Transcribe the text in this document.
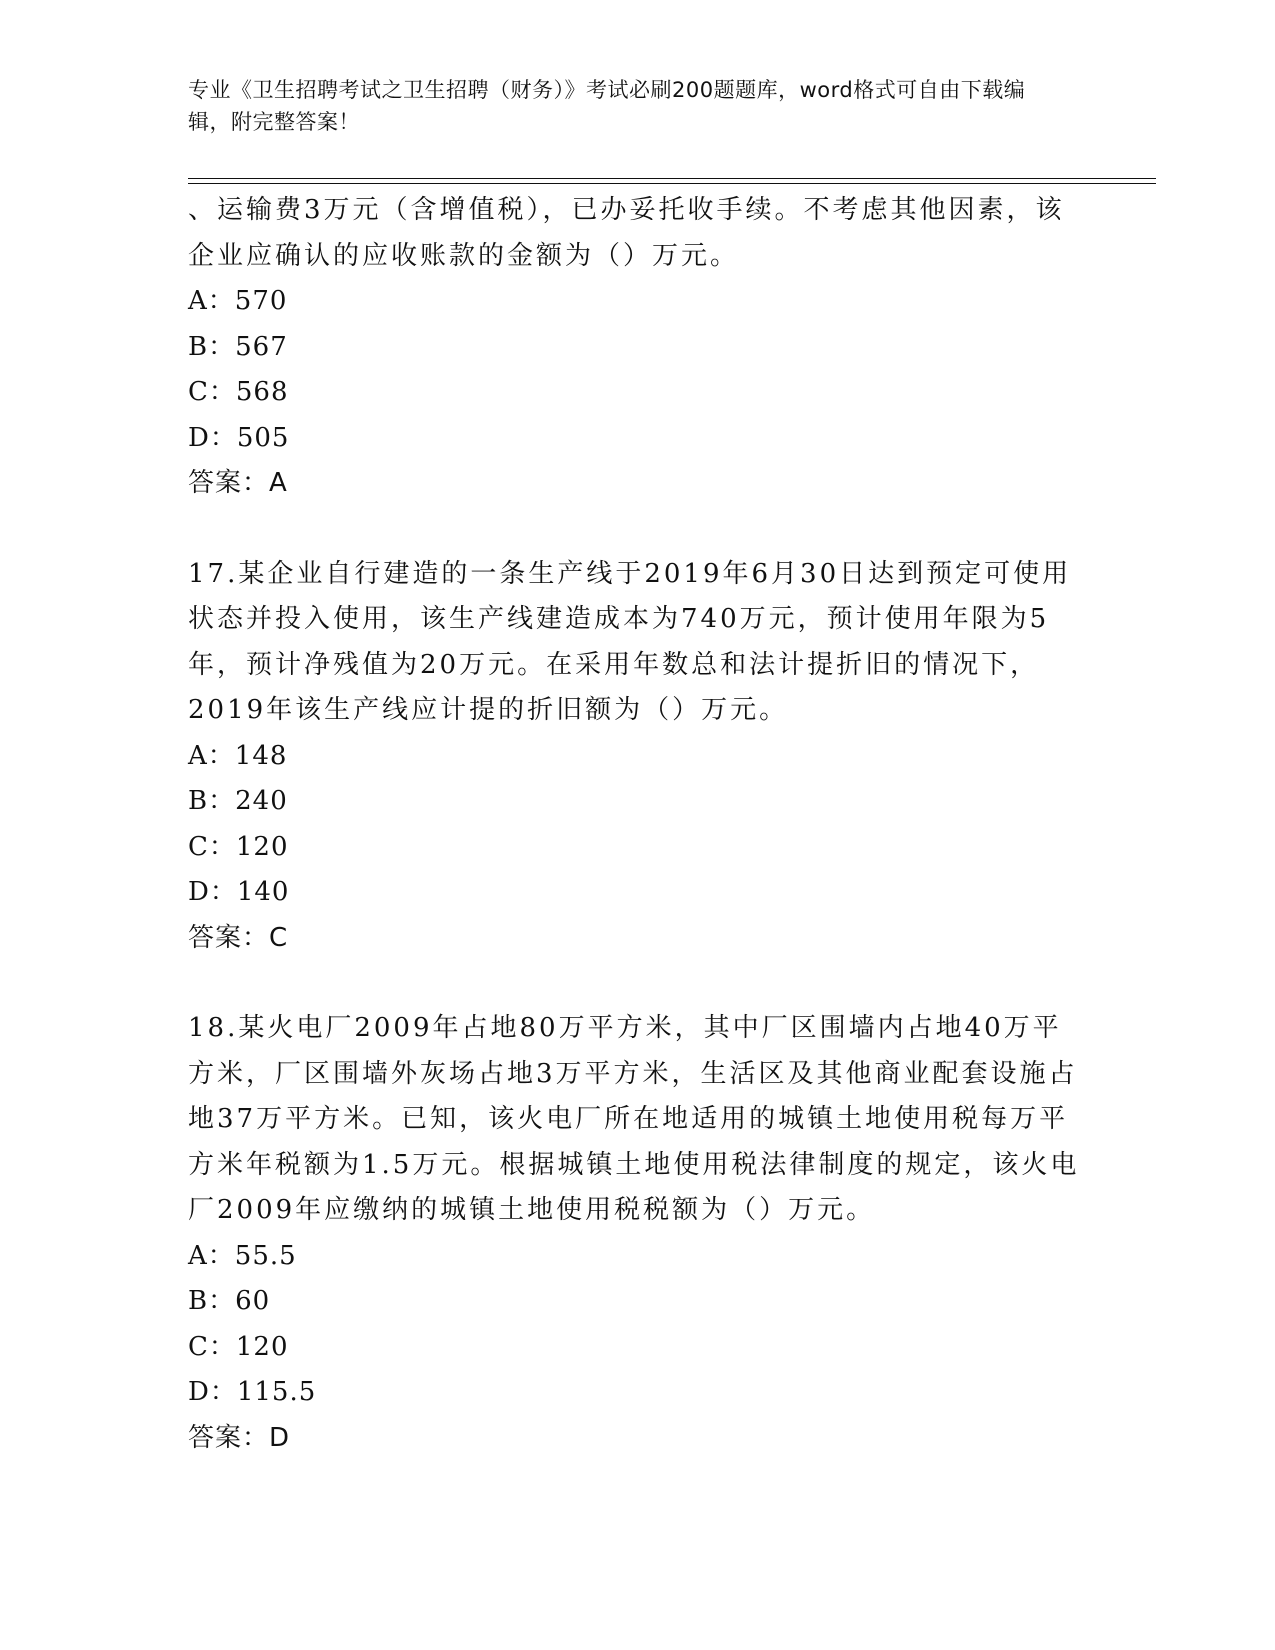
专业《卫生招聘考试之卫生招聘（财务）》考试必刷200题题库，word格式可自由下载编辑，附完整答案！

、运输费3万元（含增值税），已办妥托收手续。不考虑其他因素，该企业应确认的应收账款的金额为（）万元。

A：570

B：567

C：568

D：505

答案：A

17.某企业自行建造的一条生产线于2019年6月30日达到预定可使用状态并投入使用，该生产线建造成本为740万元，预计使用年限为5年，预计净残值为20万元。在采用年数总和法计提折旧的情况下，2019年该生产线应计提的折旧额为（）万元。

A：148

B：240

C：120

D：140

答案：C

18.某火电厂2009年占地80万平方米，其中厂区围墙内占地40万平方米，厂区围墙外灰场占地3万平方米，生活区及其他商业配套设施占地37万平方米。已知，该火电厂所在地适用的城镇土地使用税每万平方米年税额为1.5万元。根据城镇土地使用税法律制度的规定，该火电厂2009年应缴纳的城镇土地使用税税额为（）万元。

A：55.5

B：60

C：120

D：115.5

答案：D
